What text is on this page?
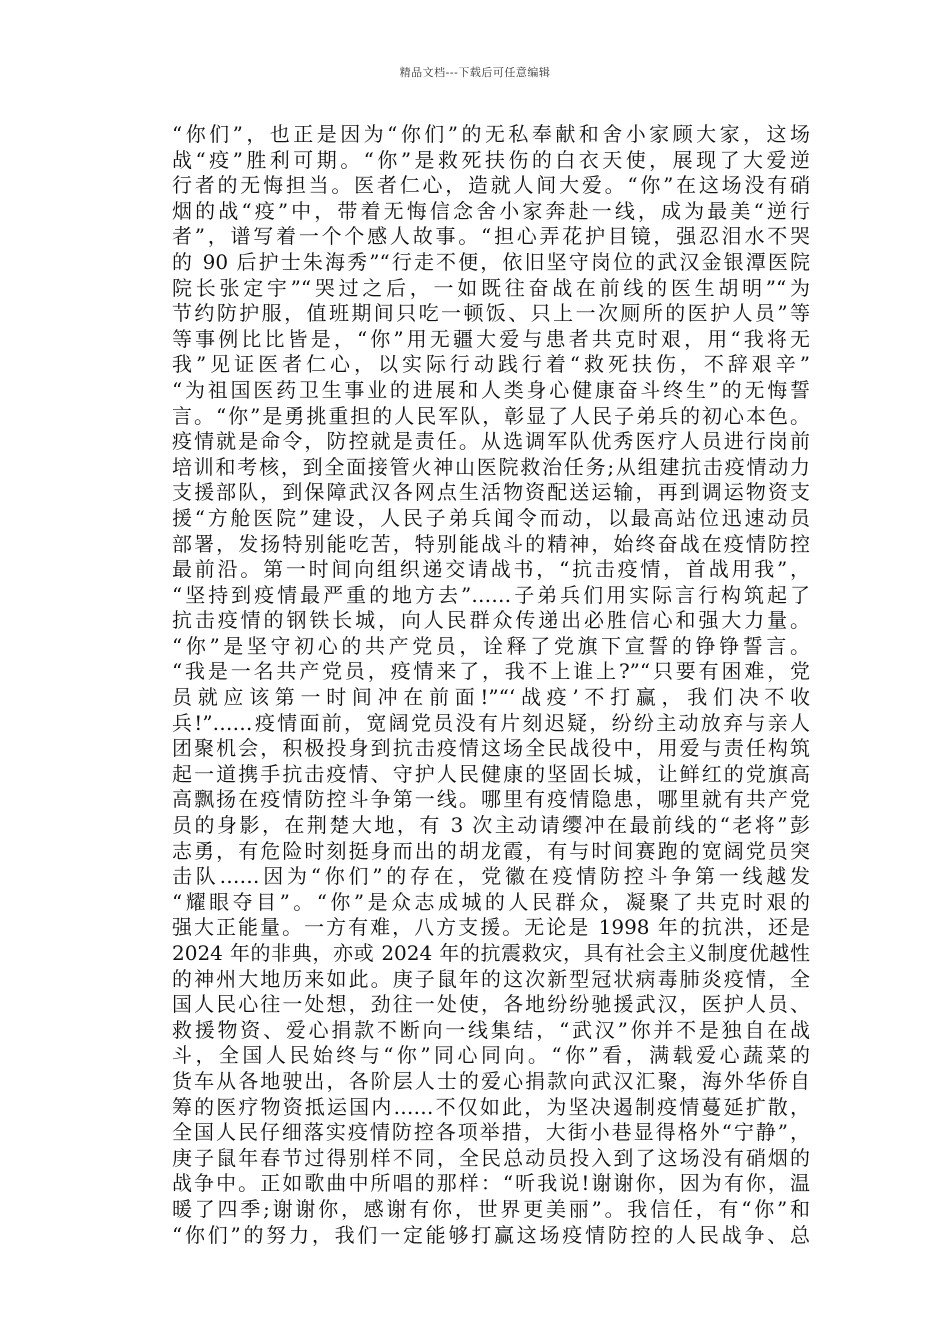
精品文档---下载后可任意编辑
“你们”，也正是因为“你们”的无私奉献和舍小家顾大家，这场
战“疫”胜利可期。“你”是救死扶伤的白衣天使，展现了大爱逆
行者的无悔担当。医者仁心，造就人间大爱。“你”在这场没有硝
烟的战“疫”中，带着无悔信念舍小家奔赴一线，成为最美“逆行
者”，谱写着一个个感人故事。“担心弄花护目镜，强忍泪水不哭
的 90 后护士朱海秀”“行走不便，依旧坚守岗位的武汉金银潭医院
院长张定宇”“哭过之后，一如既往奋战在前线的医生胡明”“为
节约防护服，值班期间只吃一顿饭、只上一次厕所的医护人员”等
等事例比比皆是，“你”用无疆大爱与患者共克时艰，用“我将无
我”见证医者仁心，以实际行动践行着“救死扶伤，不辞艰辛”
“为祖国医药卫生事业的进展和人类身心健康奋斗终生”的无悔誓
言。“你”是勇挑重担的人民军队，彰显了人民子弟兵的初心本色。
疫情就是命令，防控就是责任。从选调军队优秀医疗人员进行岗前
培训和考核，到全面接管火神山医院救治任务;从组建抗击疫情动力
支援部队，到保障武汉各网点生活物资配送运输，再到调运物资支
援“方舱医院”建设，人民子弟兵闻令而动，以最高站位迅速动员
部署，发扬特别能吃苦，特别能战斗的精神，始终奋战在疫情防控
最前沿。第一时间向组织递交请战书，“抗击疫情，首战用我”，
“坚持到疫情最严重的地方去”……子弟兵们用实际言行构筑起了
抗击疫情的钢铁长城，向人民群众传递出必胜信心和强大力量。
“你”是坚守初心的共产党员，诠释了党旗下宣誓的铮铮誓言。
“我是一名共产党员，疫情来了，我不上谁上?”“只要有困难，党
员就应该第一时间冲在前面!”“‘战疫’不打赢，我们决不收
兵!”……疫情面前，宽阔党员没有片刻迟疑，纷纷主动放弃与亲人
团聚机会，积极投身到抗击疫情这场全民战役中，用爱与责任构筑
起一道携手抗击疫情、守护人民健康的坚固长城，让鲜红的党旗高
高飘扬在疫情防控斗争第一线。哪里有疫情隐患，哪里就有共产党
员的身影，在荆楚大地，有 3 次主动请缨冲在最前线的“老将”彭
志勇，有危险时刻挺身而出的胡龙霞，有与时间赛跑的宽阔党员突
击队……因为“你们”的存在，党徽在疫情防控斗争第一线越发
“耀眼夺目”。“你”是众志成城的人民群众，凝聚了共克时艰的
强大正能量。一方有难，八方支援。无论是 1998 年的抗洪，还是
2024 年的非典，亦或 2024 年的抗震救灾，具有社会主义制度优越性
的神州大地历来如此。庚子鼠年的这次新型冠状病毒肺炎疫情，全
国人民心往一处想，劲往一处使，各地纷纷驰援武汉，医护人员、
救援物资、爱心捐款不断向一线集结，“武汉”你并不是独自在战
斗，全国人民始终与“你”同心同向。“你”看，满载爱心蔬菜的
货车从各地驶出，各阶层人士的爱心捐款向武汉汇聚，海外华侨自
筹的医疗物资抵运国内……不仅如此，为坚决遏制疫情蔓延扩散，
全国人民仔细落实疫情防控各项举措，大街小巷显得格外“宁静”，
庚子鼠年春节过得别样不同，全民总动员投入到了这场没有硝烟的
战争中。正如歌曲中所唱的那样：“听我说!谢谢你，因为有你，温
暖了四季;谢谢你，感谢有你，世界更美丽”。我信任，有“你”和
“你们”的努力，我们一定能够打赢这场疫情防控的人民战争、总
